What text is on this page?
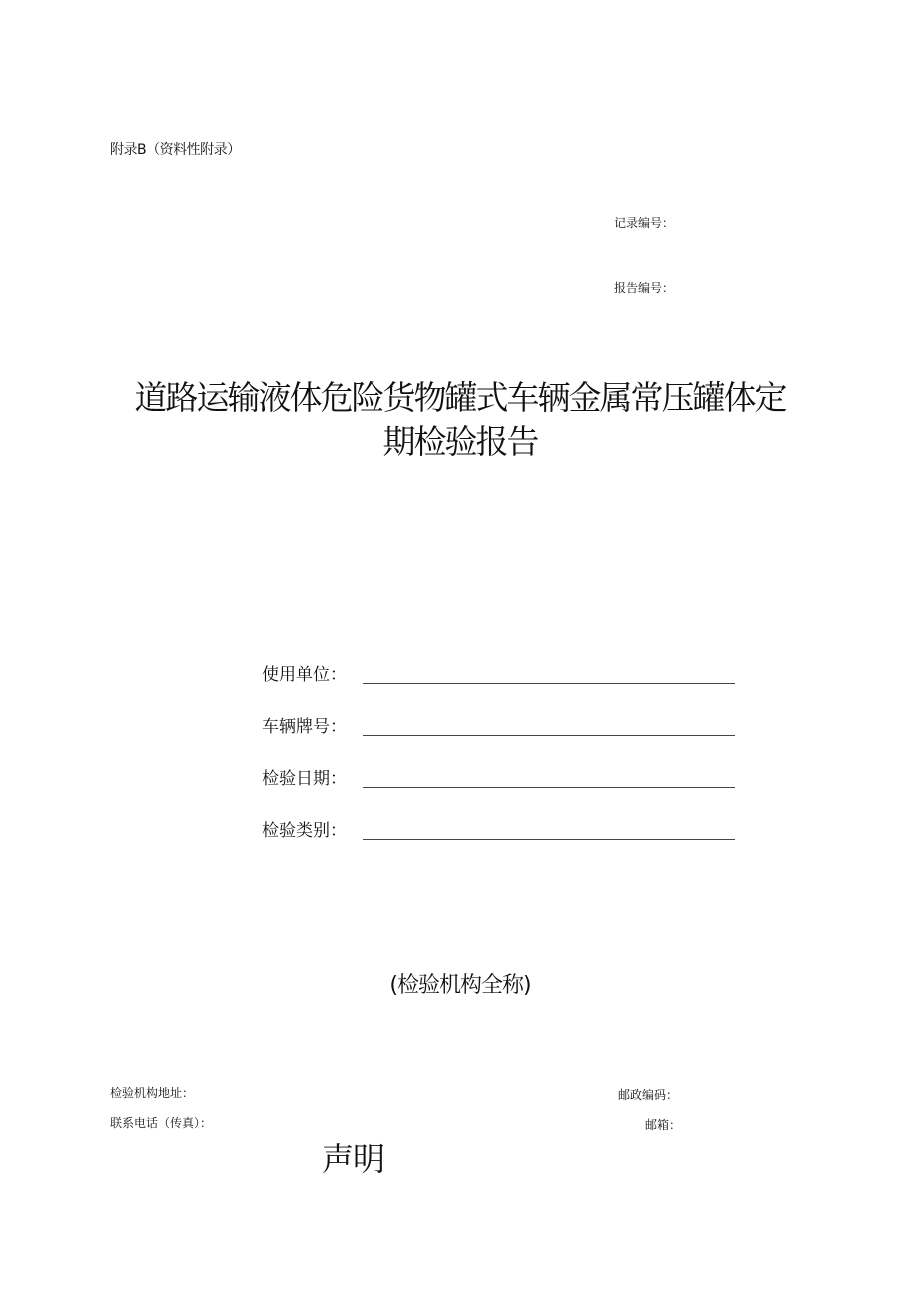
附录B（资料性附录）
记录编号：
报告编号：
道路运输液体危险货物罐式车辆金属常压罐体定
期检验报告
使用单位：
车辆牌号：
检验日期：
检验类别：
(检验机构全称)
检验机构地址：	邮政编码：
联系电话（传真）：	邮箱：
声明
